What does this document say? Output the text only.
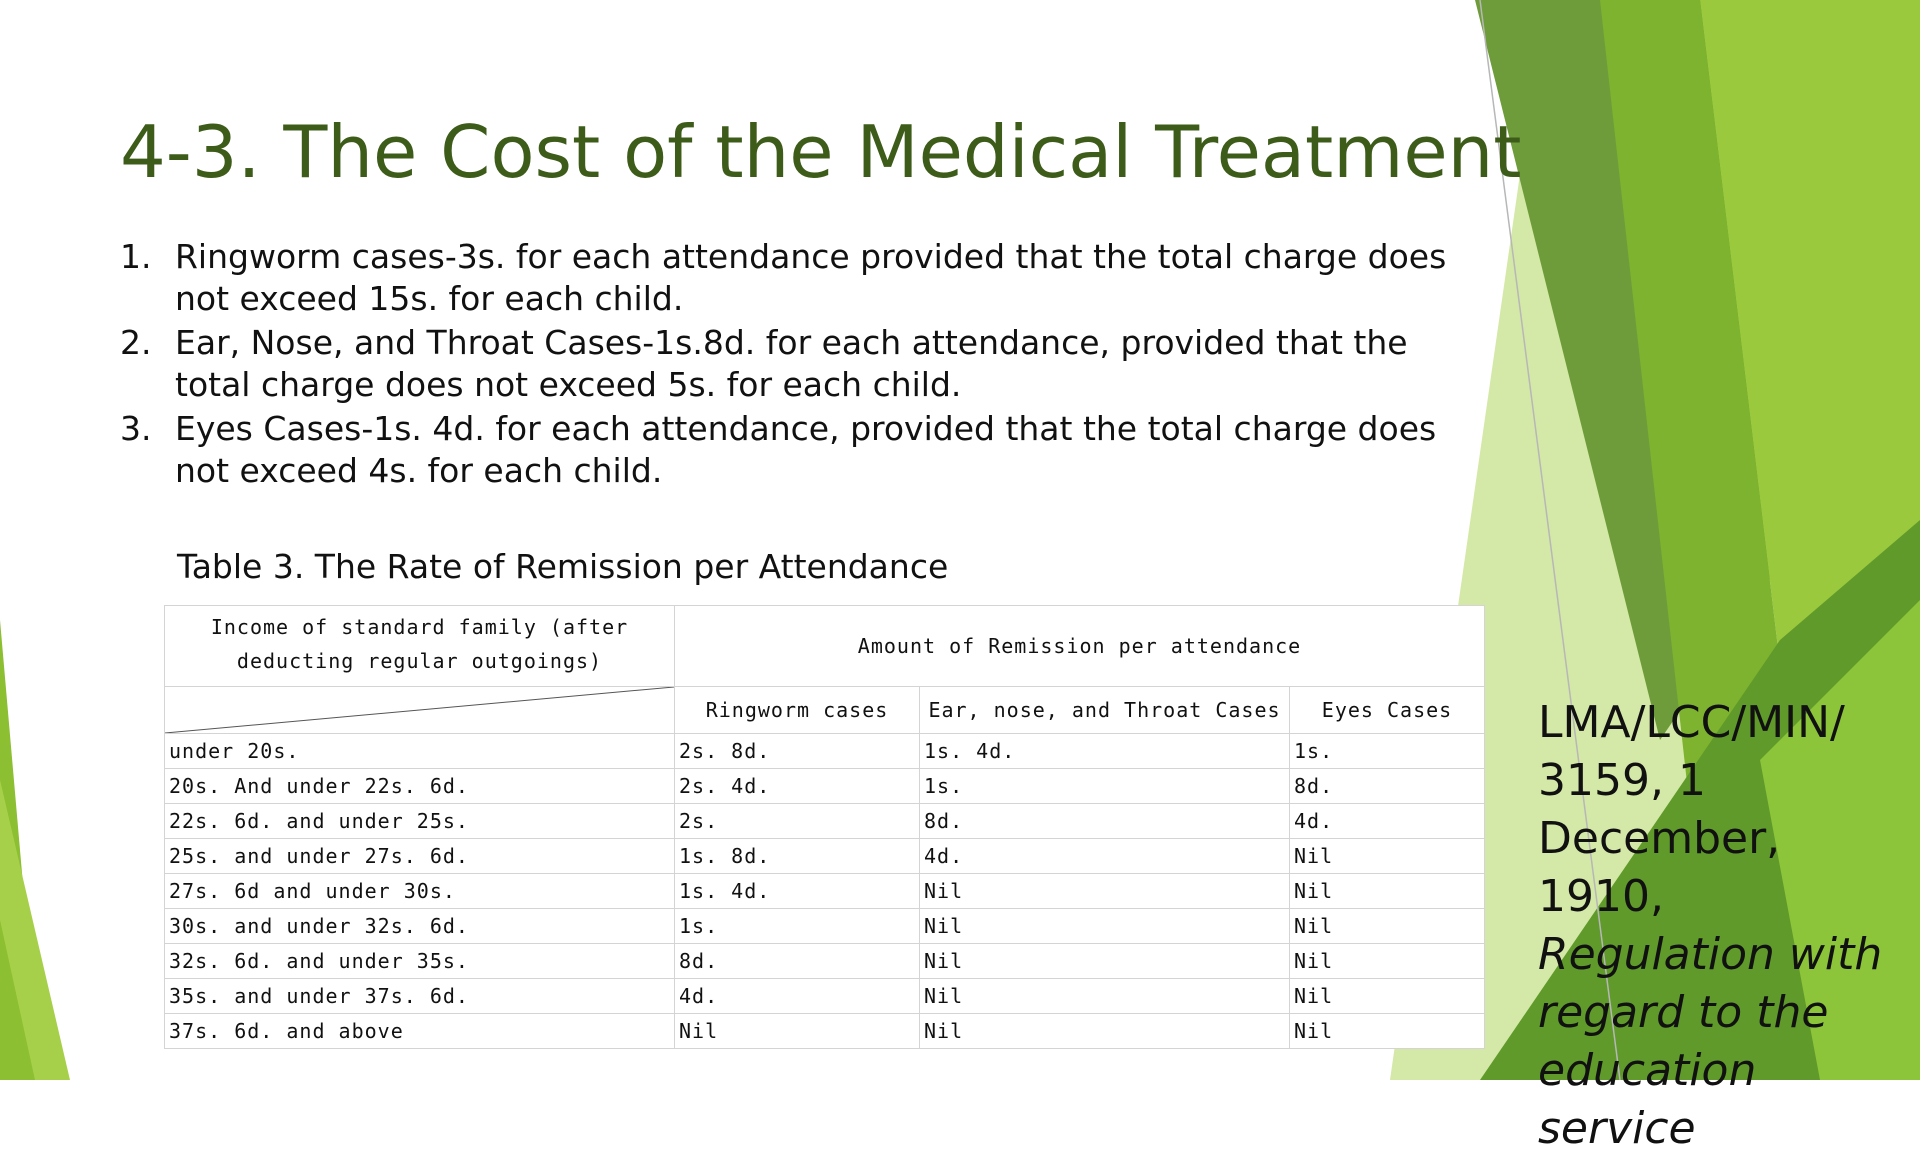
4-3. The Cost of the Medical Treatment
1. Ringworm cases-3s. for each attendance provided that the total charge does not exceed 15s. for each child.
2. Ear, Nose, and Throat Cases-1s.8d. for each attendance, provided that the total charge does not exceed 5s. for each child.
3. Eyes Cases-1s. 4d. for each attendance, provided that the total charge does not exceed 4s. for each child.

Table 3. The Rate of Remission per Attendance

Income of standard family (after deducting regular outgoings)	Amount of Remission per attendance		

	Ringworm cases	Ear, nose, and Throat Cases	Eyes Cases
under 20s.	2s. 8d.	1s. 4d.	1s.
20s. And under 22s. 6d.	2s. 4d.	1s.	8d.
22s. 6d. and under 25s.	2s.	8d.	4d.
25s. and under 27s. 6d.	1s. 8d.	4d.	Nil
27s. 6d and under 30s.	1s. 4d.	Nil	Nil
30s. and under 32s. 6d.	1s.	Nil	Nil
32s. 6d. and under 35s.	8d.	Nil	Nil
35s. and under 37s. 6d.	4d.	Nil	Nil
37s. 6d. and above	Nil	Nil	Nil
LMA/LCC/MIN/ 3159, 1 December, 1910, Regulation with regard to the education service
